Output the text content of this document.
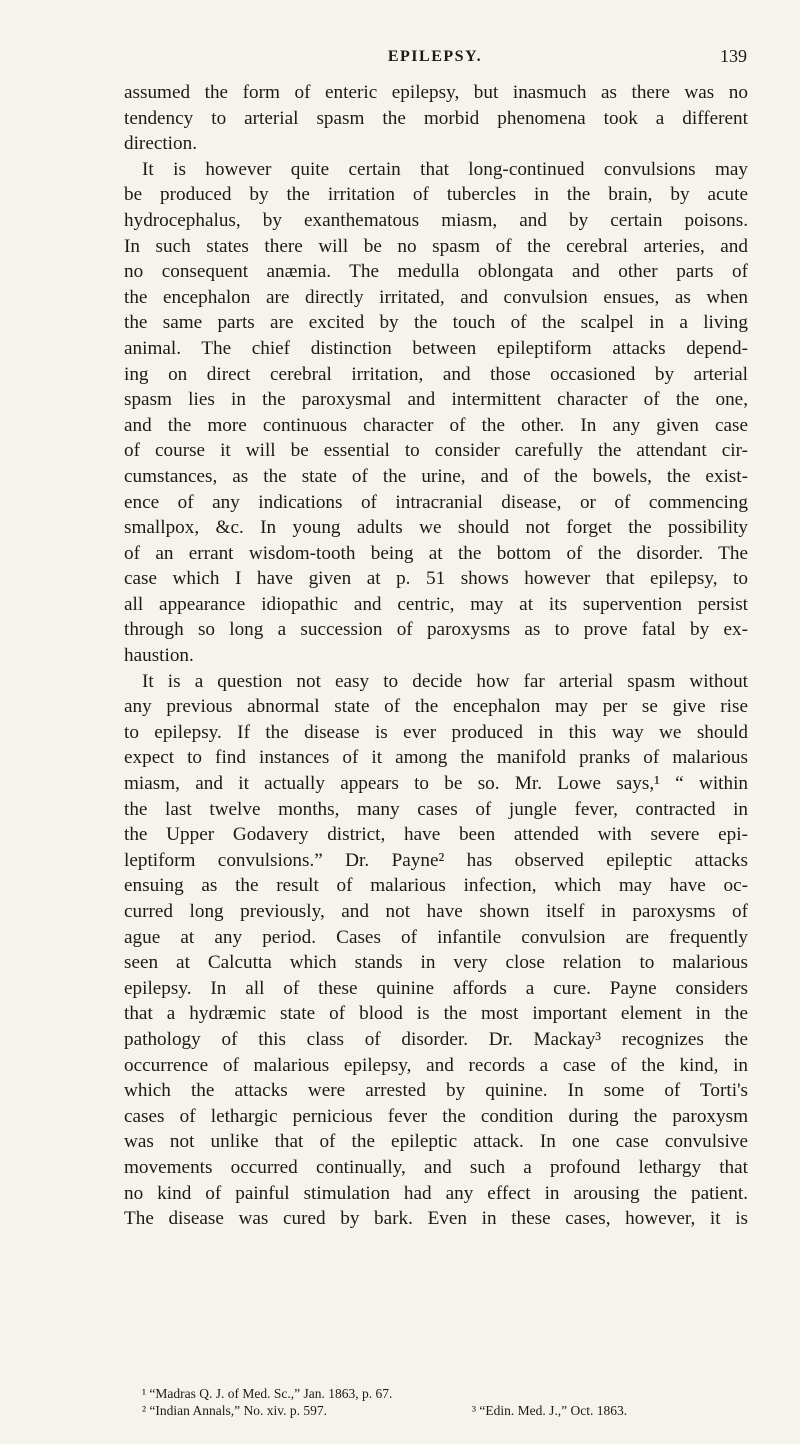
EPILEPSY.	139
assumed the form of enteric epilepsy, but inasmuch as there was no
tendency to arterial spasm the morbid phenomena took a different
direction.
It is however quite certain that long-continued convulsions may
be produced by the irritation of tubercles in the brain, by acute
hydrocephalus, by exanthematous miasm, and by certain poisons.
In such states there will be no spasm of the cerebral arteries, and
no consequent anæmia. The medulla oblongata and other parts of
the encephalon are directly irritated, and convulsion ensues, as when
the same parts are excited by the touch of the scalpel in a living
animal. The chief distinction between epileptiform attacks depend-
ing on direct cerebral irritation, and those occasioned by arterial
spasm lies in the paroxysmal and intermittent character of the one,
and the more continuous character of the other. In any given case
of course it will be essential to consider carefully the attendant cir-
cumstances, as the state of the urine, and of the bowels, the exist-
ence of any indications of intracranial disease, or of commencing
smallpox, &c. In young adults we should not forget the possibility
of an errant wisdom-tooth being at the bottom of the disorder. The
case which I have given at p. 51 shows however that epilepsy, to
all appearance idiopathic and centric, may at its supervention persist
through so long a succession of paroxysms as to prove fatal by ex-
haustion.
It is a question not easy to decide how far arterial spasm without
any previous abnormal state of the encephalon may per se give rise
to epilepsy. If the disease is ever produced in this way we should
expect to find instances of it among the manifold pranks of malarious
miasm, and it actually appears to be so. Mr. Lowe says,¹ “ within
the last twelve months, many cases of jungle fever, contracted in
the Upper Godavery district, have been attended with severe epi-
leptiform convulsions.” Dr. Payne² has observed epileptic attacks
ensuing as the result of malarious infection, which may have oc-
curred long previously, and not have shown itself in paroxysms of
ague at any period. Cases of infantile convulsion are frequently
seen at Calcutta which stands in very close relation to malarious
epilepsy. In all of these quinine affords a cure. Payne considers
that a hydræmic state of blood is the most important element in the
pathology of this class of disorder. Dr. Mackay³ recognizes the
occurrence of malarious epilepsy, and records a case of the kind, in
which the attacks were arrested by quinine. In some of Torti's
cases of lethargic pernicious fever the condition during the paroxysm
was not unlike that of the epileptic attack. In one case convulsive
movements occurred continually, and such a profound lethargy that
no kind of painful stimulation had any effect in arousing the patient.
The disease was cured by bark. Even in these cases, however, it is
¹ “Madras Q. J. of Med. Sc.,” Jan. 1863, p. 67.
² “Indian Annals,” No. xiv. p. 597.	³ “Edin. Med. J.,” Oct. 1863.
